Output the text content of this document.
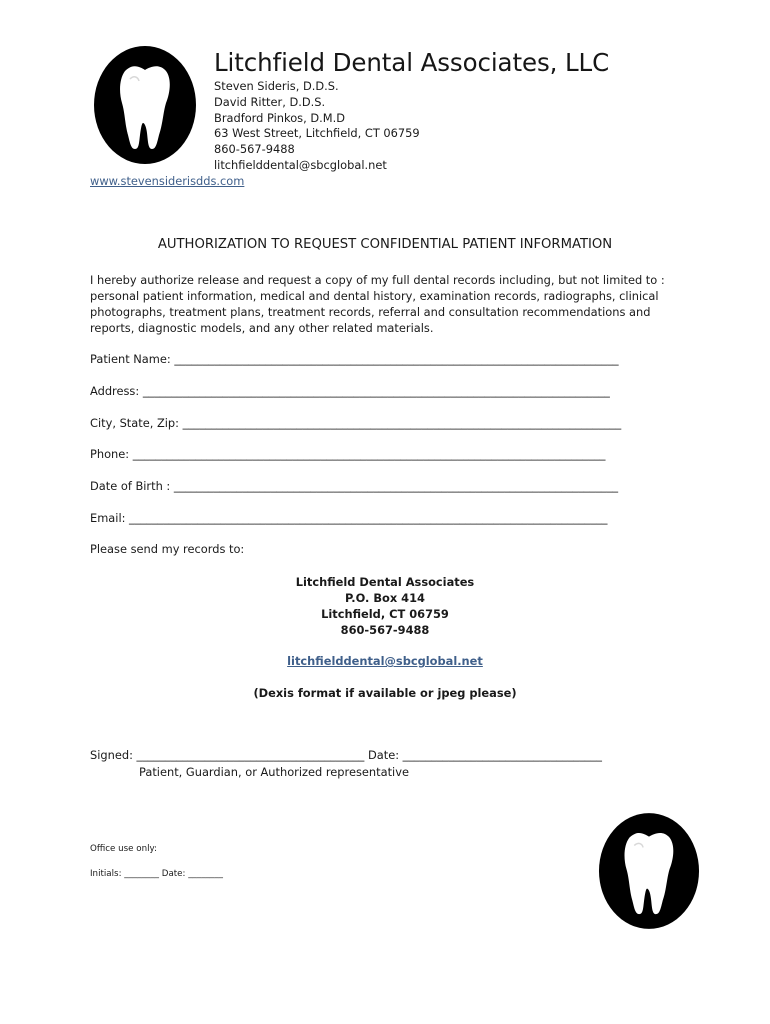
Litchfield Dental Associates, LLC
Steven Sideris, D.D.S.
David Ritter, D.D.S.
Bradford Pinkos, D.M.D
63 West Street, Litchfield, CT 06759
860-567-9488
litchfielddental@sbcglobal.net
www.stevensiderisdds.com
AUTHORIZATION TO REQUEST CONFIDENTIAL PATIENT INFORMATION
I hereby authorize release and request a copy of my full dental records including, but not limited to : personal patient information, medical and dental history, examination records, radiographs, clinical photographs, treatment plans, treatment records, referral and consultation recommendations and reports, diagnostic models, and any other related materials.
Patient Name: ______________________________________________________________________________
Address: __________________________________________________________________________________
City, State, Zip: _____________________________________________________________________________
Phone: ___________________________________________________________________________________
Date of Birth : ______________________________________________________________________________
Email: ____________________________________________________________________________________
Please send my records to:
Litchfield Dental Associates
P.O. Box 414
Litchfield, CT 06759
860-567-9488
litchfielddental@sbcglobal.net
(Dexis format if available or jpeg please)
Signed: ________________________________________ Date: ___________________________________
Patient, Guardian, or Authorized representative
Office use only:
Initials: ________ Date: ________
